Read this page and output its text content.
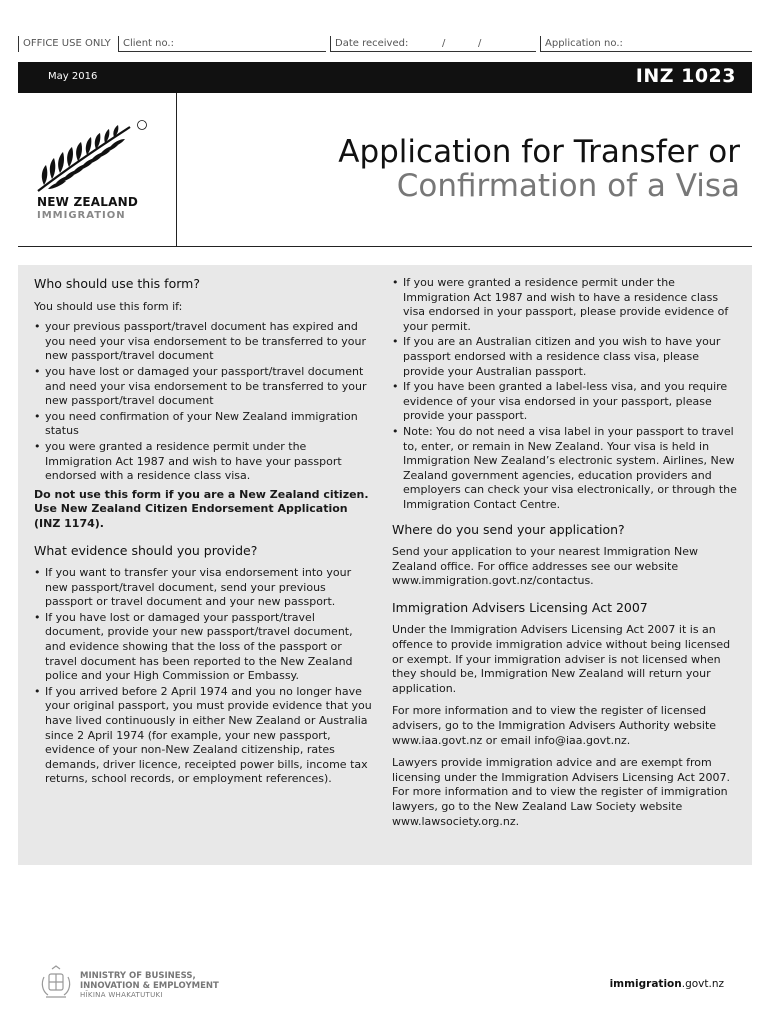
OFFICE USE ONLY	Client no.:	Date received:	/	/	Application no.:
May 2016	INZ 1023
NEW ZEALAND
IMMIGRATION
Application for Transfer or
Confirmation of a Visa
Who should use this form?

You should use this form if:

• your previous passport/travel document has expired and you need your visa endorsement to be transferred to your new passport/travel document
• you have lost or damaged your passport/travel document and need your visa endorsement to be transferred to your new passport/travel document
• you need confirmation of your New Zealand immigration status
• you were granted a residence permit under the Immigration Act 1987 and wish to have your passport endorsed with a residence class visa.

Do not use this form if you are a New Zealand citizen. Use New Zealand Citizen Endorsement Application (INZ 1174).

What evidence should you provide?
• If you want to transfer your visa endorsement into your new passport/travel document, send your previous passport or travel document and your new passport.
• If you have lost or damaged your passport/travel document, provide your new passport/travel document, and evidence showing that the loss of the passport or travel document has been reported to the New Zealand police and your High Commission or Embassy.
• If you arrived before 2 April 1974 and you no longer have your original passport, you must provide evidence that you have lived continuously in either New Zealand or Australia since 2 April 1974 (for example, your new passport, evidence of your non-New Zealand citizenship, rates demands, driver licence, receipted power bills, income tax returns, school records, or employment references).
• If you were granted a residence permit under the Immigration Act 1987 and wish to have a residence class visa endorsed in your passport, please provide evidence of your permit.
• If you are an Australian citizen and you wish to have your passport endorsed with a residence class visa, please provide your Australian passport.
• If you have been granted a label-less visa, and you require evidence of your visa endorsed in your passport, please provide your passport.
• Note: You do not need a visa label in your passport to travel to, enter, or remain in New Zealand. Your visa is held in Immigration New Zealand’s electronic system. Airlines, New Zealand government agencies, education providers and employers can check your visa electronically, or through the Immigration Contact Centre.
Where do you send your application?

Send your application to your nearest Immigration New Zealand office. For office addresses see our website www.immigration.govt.nz/contactus.

Immigration Advisers Licensing Act 2007

Under the Immigration Advisers Licensing Act 2007 it is an offence to provide immigration advice without being licensed or exempt. If your immigration adviser is not licensed when they should be, Immigration New Zealand will return your application.

For more information and to view the register of licensed advisers, go to the Immigration Advisers Authority website www.iaa.govt.nz or email info@iaa.govt.nz.

Lawyers provide immigration advice and are exempt from licensing under the Immigration Advisers Licensing Act 2007. For more information and to view the register of immigration lawyers, go to the New Zealand Law Society website www.lawsociety.org.nz.

MINISTRY OF BUSINESS,
INNOVATION & EMPLOYMENT
HĪKINA WHAKATUTUKI
immigration.govt.nz
